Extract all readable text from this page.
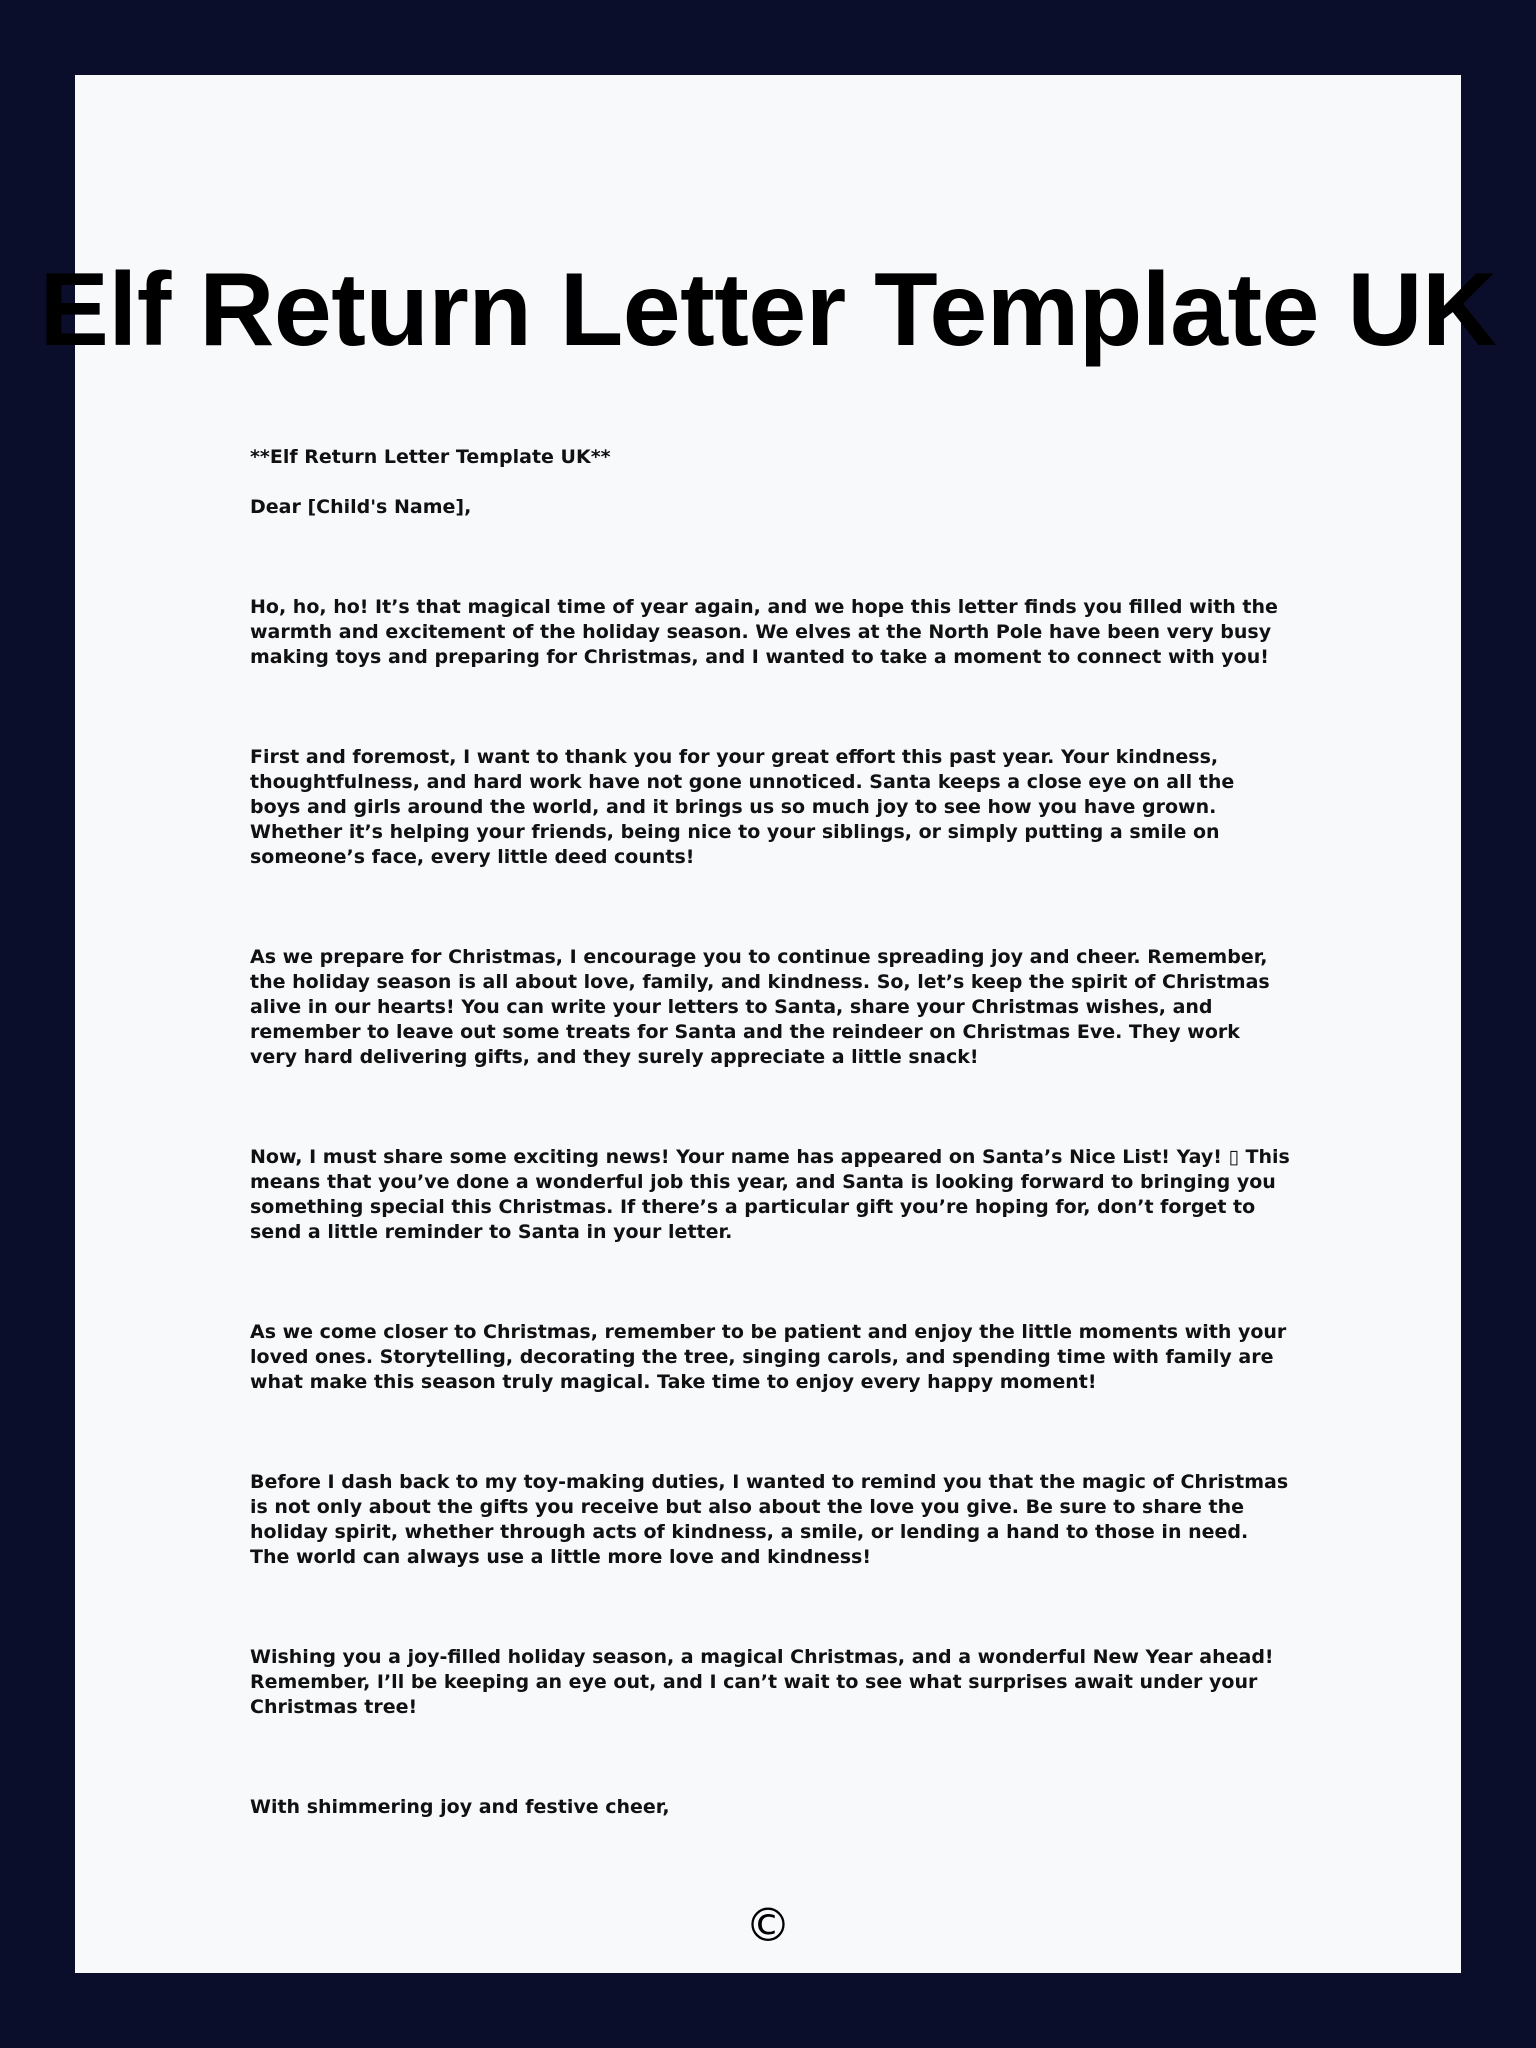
Elf Return Letter Template UK

**Elf Return Letter Template UK**

Dear [Child's Name],

Ho, ho, ho! It’s that magical time of year again, and we hope this letter finds you filled with the warmth and excitement of the holiday season. We elves at the North Pole have been very busy making toys and preparing for Christmas, and I wanted to take a moment to connect with you!

First and foremost, I want to thank you for your great effort this past year. Your kindness, thoughtfulness, and hard work have not gone unnoticed. Santa keeps a close eye on all the boys and girls around the world, and it brings us so much joy to see how you have grown. Whether it’s helping your friends, being nice to your siblings, or simply putting a smile on someone’s face, every little deed counts!

As we prepare for Christmas, I encourage you to continue spreading joy and cheer. Remember, the holiday season is all about love, family, and kindness. So, let’s keep the spirit of Christmas alive in our hearts! You can write your letters to Santa, share your Christmas wishes, and remember to leave out some treats for Santa and the reindeer on Christmas Eve. They work very hard delivering gifts, and they surely appreciate a little snack!

Now, I must share some exciting news! Your name has appeared on Santa’s Nice List! Yay! ▯ This means that you’ve done a wonderful job this year, and Santa is looking forward to bringing you something special this Christmas. If there’s a particular gift you’re hoping for, don’t forget to send a little reminder to Santa in your letter.

As we come closer to Christmas, remember to be patient and enjoy the little moments with your loved ones. Storytelling, decorating the tree, singing carols, and spending time with family are what make this season truly magical. Take time to enjoy every happy moment!

Before I dash back to my toy-making duties, I wanted to remind you that the magic of Christmas is not only about the gifts you receive but also about the love you give. Be sure to share the holiday spirit, whether through acts of kindness, a smile, or lending a hand to those in need. The world can always use a little more love and kindness!

Wishing you a joy-filled holiday season, a magical Christmas, and a wonderful New Year ahead! Remember, I’ll be keeping an eye out, and I can’t wait to see what surprises await under your Christmas tree!

With shimmering joy and festive cheer,

©
